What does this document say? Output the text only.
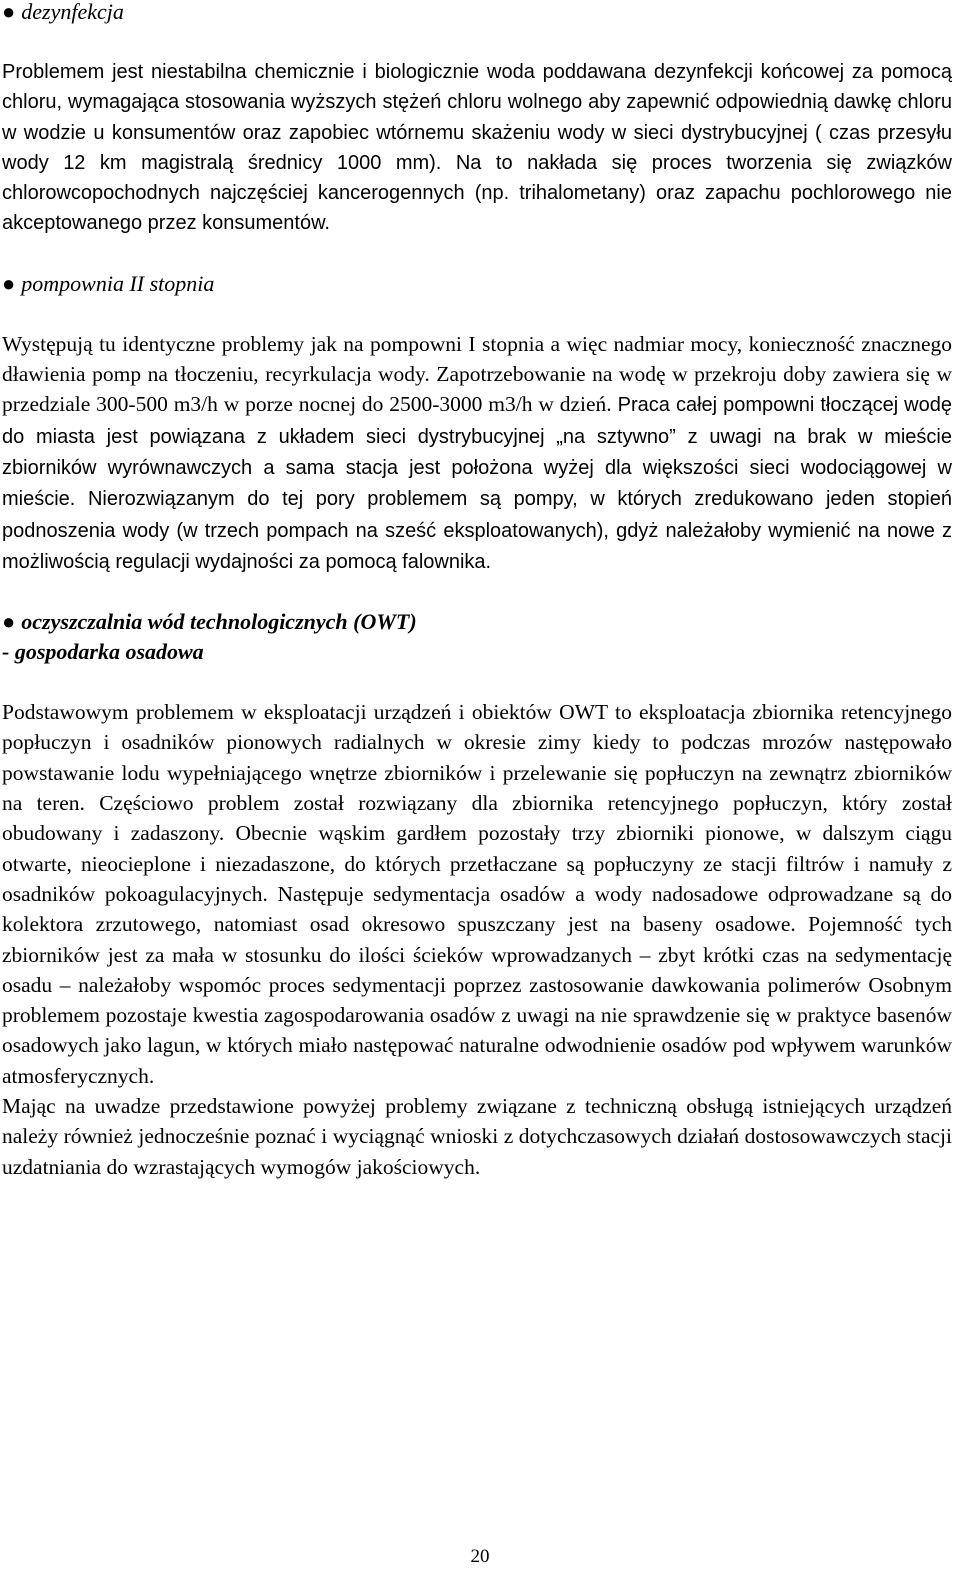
● dezynfekcja

Problemem jest niestabilna chemicznie i biologicznie woda poddawana dezynfekcji końcowej za pomocą chloru, wymagająca stosowania wyższych stężeń chloru wolnego aby zapewnić odpowiednią dawkę chloru w wodzie u konsumentów oraz zapobiec wtórnemu skażeniu wody w sieci dystrybucyjnej ( czas przesyłu wody 12 km magistralą średnicy 1000 mm). Na to nakłada się proces tworzenia się związków chlorowcopochodnych najczęściej kancerogennych (np. trihalometany) oraz zapachu pochlorowego nie akceptowanego przez konsumentów.

● pompownia II stopnia

Występują tu identyczne problemy jak na pompowni I stopnia a więc nadmiar mocy, konieczność znacznego dławienia pomp na tłoczeniu, recyrkulacja wody. Zapotrzebowanie na wodę w przekroju doby zawiera się w przedziale 300-500 m3/h w porze nocnej do 2500-3000 m3/h w dzień. Praca całej pompowni tłoczącej wodę do miasta jest powiązana z układem sieci dystrybucyjnej „na sztywno” z uwagi na brak w mieście zbiorników wyrównawczych a sama stacja jest położona wyżej dla większości sieci wodociągowej w mieście. Nierozwiązanym do tej pory problemem są pompy, w których zredukowano jeden stopień podnoszenia wody (w trzech pompach na sześć eksploatowanych), gdyż należałoby wymienić na nowe z możliwością regulacji wydajności za pomocą falownika.

● oczyszczalnia wód technologicznych (OWT)

- gospodarka osadowa

Podstawowym problemem w eksploatacji urządzeń i obiektów OWT to eksploatacja zbiornika retencyjnego popłuczyn i osadników pionowych radialnych w okresie zimy kiedy to podczas mrozów następowało powstawanie lodu wypełniającego wnętrze zbiorników i przelewanie się popłuczyn na zewnątrz zbiorników na teren. Częściowo problem został rozwiązany dla zbiornika retencyjnego popłuczyn, który został obudowany i zadaszony. Obecnie wąskim gardłem pozostały trzy zbiorniki pionowe, w dalszym ciągu otwarte, nieocieplone i niezadaszone, do których przetłaczane są popłuczyny ze stacji filtrów i namuły z osadników pokoagulacyjnych. Następuje sedymentacja osadów a wody nadosadowe odprowadzane są do kolektora zrzutowego, natomiast osad okresowo spuszczany jest na baseny osadowe. Pojemność tych zbiorników jest za mała w stosunku do ilości ścieków wprowadzanych – zbyt krótki czas na sedymentację osadu – należałoby wspomóc proces sedymentacji poprzez zastosowanie dawkowania polimerów Osobnym problemem pozostaje kwestia zagospodarowania osadów z uwagi na nie sprawdzenie się w praktyce basenów osadowych jako lagun, w których miało następować naturalne odwodnienie osadów pod wpływem warunków atmosferycznych.

Mając na uwadze przedstawione powyżej problemy związane z techniczną obsługą istniejących urządzeń należy również jednocześnie poznać i wyciągnąć wnioski z dotychczasowych działań dostosowawczych stacji uzdatniania do wzrastających wymogów jakościowych.

20
